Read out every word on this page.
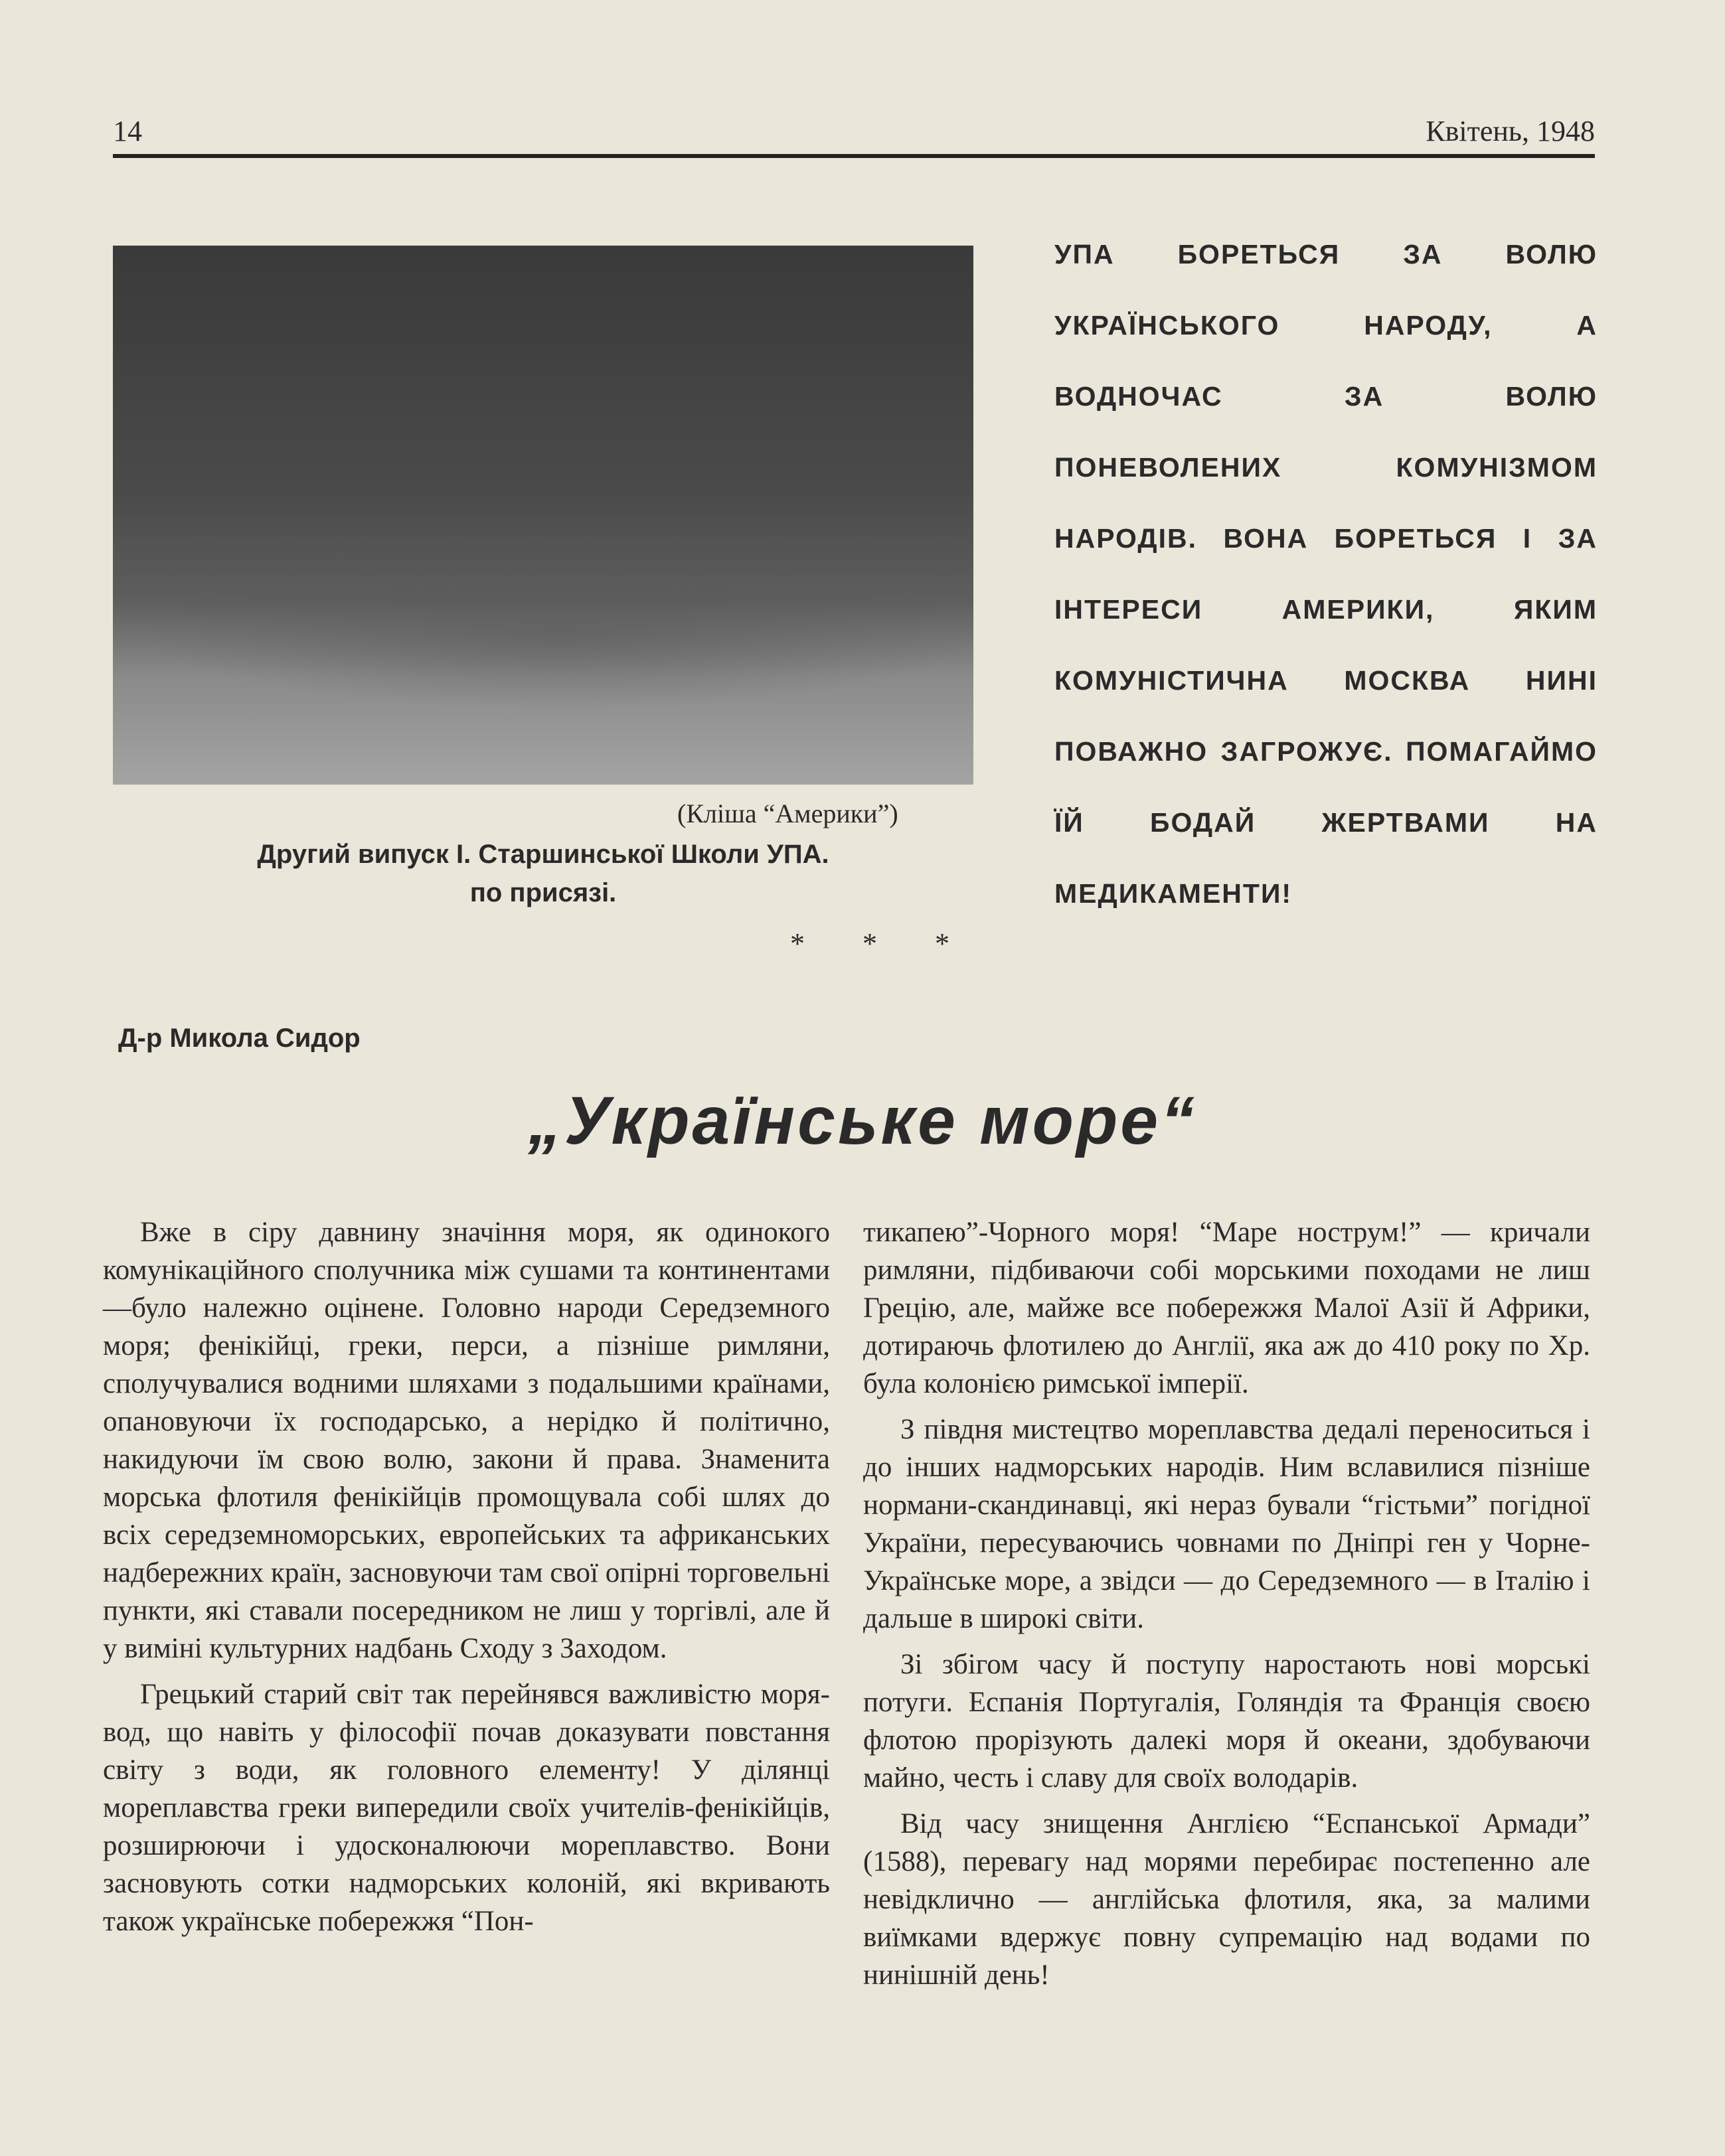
14	Квітень, 1948
(Кліша “Америки”)
Другий випуск І. Старшинської Школи УПА.
по присязі.
УПА БОРЕТЬСЯ ЗА ВОЛЮ УКРАЇНСЬКОГО НАРОДУ, А ВОДНОЧАС ЗА ВОЛЮ ПОНЕВОЛЕНИХ КОМУНІЗМОМ НАРОДІВ. ВОНА БОРЕТЬСЯ І ЗА ІНТЕРЕСИ АМЕРИКИ, ЯКИМ КОМУНІСТИЧНА МОСКВА НИНІ ПОВАЖНО ЗАГРОЖУЄ. ПОМАГАЙМО ЇЙ БОДАЙ ЖЕРТВАМИ НА МЕДИКАМЕНТИ!
* * *
Д-р Микола Сидор
„Українське море“

Вже в сіру давнину значіння моря, як одинокого комунікаційного сполучника між сушами та континентами—було належно оцінене. Головно народи Середземного моря; фенікійці, греки, перси, а пізніше римляни, сполучувалися водними шляхами з подальшими країнами, опановуючи їх господарсько, а нерідко й політично, накидуючи їм свою волю, закони й права. Знаменита морська флотиля фенікійців промощувала собі шлях до всіх середземноморських, европейських та африканських надбережних країн, засновуючи там свої опірні торговельні пункти, які ставали посередником не лиш у торгівлі, але й у виміні культурних надбань Сходу з Заходом.

Грецький старий світ так перейнявся важливістю моря-вод, що навіть у філософії почав доказувати повстання світу з води, як головного елементу! У ділянці мореплавства греки випередили своїх учителів-фенікійців, розширюючи і удосконалюючи мореплавство. Вони засновують сотки надморських колоній, які вкривають також українське побережжя “Пон-

тикапею”-Чорного моря! “Маре нострум!” — кричали римляни, підбиваючи собі морськими походами не лиш Грецію, але, майже все побережжя Малої Азії й Африки, дотираючь флотилею до Англії, яка аж до 410 року по Хр. була колонією римської імперії.

З півдня мистецтво мореплавства дедалі переноситься і до інших надморських народів. Ним вславилися пізніше нормани-скандинавці, які нераз бували “гістьми” погідної України, пересуваючись човнами по Дніпрі ген у Чорне-Українське море, а звідси — до Середземного — в Італію і дальше в широкі світи.

Зі збігом часу й поступу наростають нові морські потуги. Еспанія Португалія, Голяндія та Франція своєю флотою прорізують далекі моря й океани, здобуваючи майно, честь і славу для своїх володарів.

Від часу знищення Англією “Еспанської Армади” (1588), перевагу над морями перебирає постепенно але невідклично — англійська флотиля, яка, за малими виїмками вдержує повну супремацію над водами по нинішній день!
